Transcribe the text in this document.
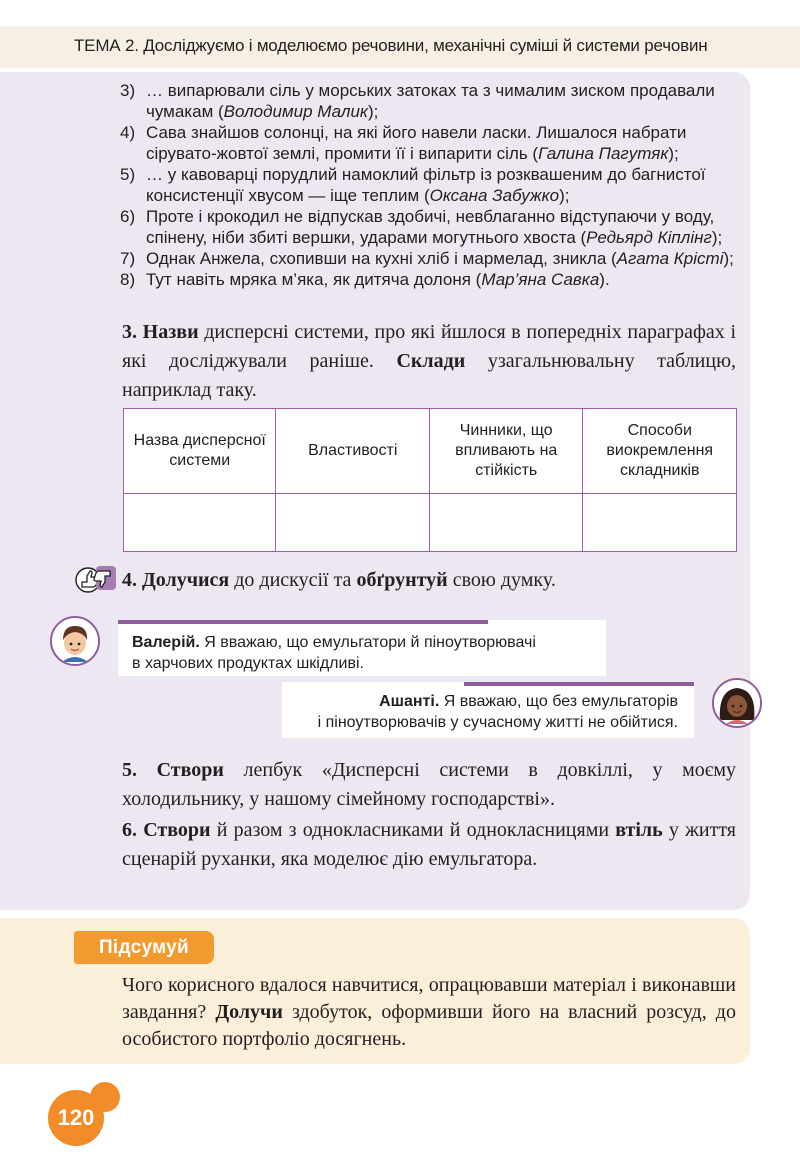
ТЕМА 2. Досліджуємо і моделюємо речовини, механічні суміші й системи речовин
3) … випарювали сіль у морських затоках та з чималим зиском продавали чумакам (Володимир Малик);
4) Сава знайшов солонці, на які його навели ласки. Лишалося набрати сірувато-жовтої землі, промити її і випарити сіль (Галина Пагутяк);
5) … у кавоварці порудлий намоклий фільтр із розквашеним до багнистої консистенції хвусом — іще теплим (Оксана Забужко);
6) Проте і крокодил не відпускав здобичі, невблаганно відступаючи у воду, спінену, ніби збиті вершки, ударами могутнього хвоста (Редьярд Кіплінг);
7) Однак Анжела, схопивши на кухні хліб і мармелад, зникла (Агата Крісті);
8) Тут навіть мряка м’яка, як дитяча долоня (Мар’яна Савка).
3. Назви дисперсні системи, про які йшлося в попередніх параграфах і які досліджували раніше. Склади узагальнювальну таблицю, наприклад таку.
Назва дисперсної системи	Властивості	Чинники, що впливають на стійкість	Способи виокремлення складників

4. Долучися до дискусії та обґрунтуй свою думку.
Валерій. Я вважаю, що емульгатори й піноутворювачі
в харчових продуктах шкідливі.
Ашанті. Я вважаю, що без емульгаторів
і піноутворювачів у сучасному житті не обійтися.
5. Створи лепбук «Дисперсні системи в довкіллі, у моєму холодильнику, у нашому сімейному господарстві».
6. Створи й разом з однокласниками й однокласницями втіль у життя сценарій руханки, яка моделює дію емульгатора.
Підсумуй
Чого корисного вдалося навчитися, опрацювавши матеріал і виконавши завдання? Долучи здобуток, оформивши його на власний розсуд, до особистого портфоліо досягнень.
120
